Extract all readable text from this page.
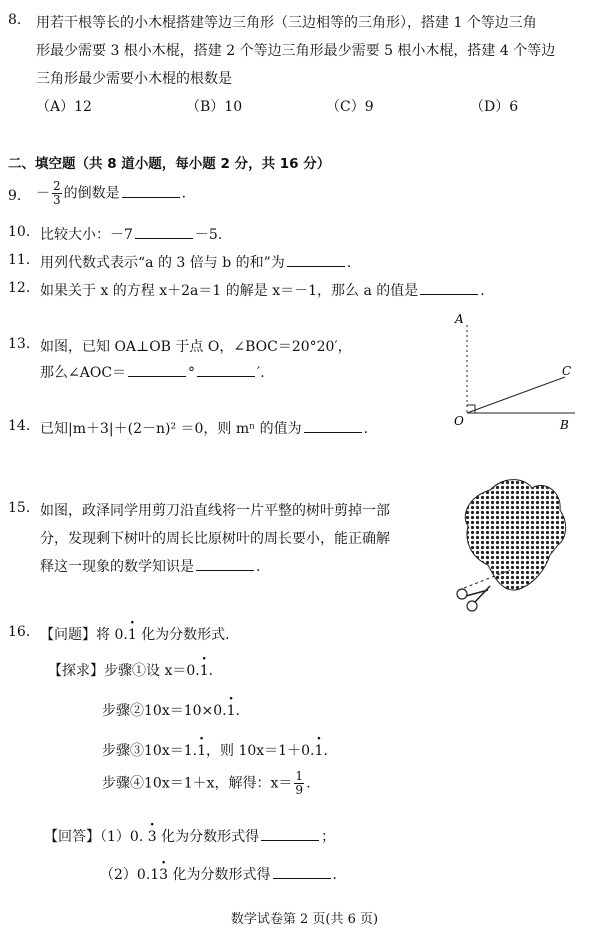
8. 用若干根等长的小木棍搭建等边三角形（三边相等的三角形），搭建 1 个等边三角
形最少需要 3 根小木棍，搭建 2 个等边三角形最少需要 5 根小木棍，搭建 4 个等边
三角形最少需要小木棍的根数是
（A）12	（B）10	（C）9	（D）6
二、填空题（共 8 道小题，每小题 2 分，共 16 分）
9. － $\frac{2}{3}$ 的倒数是	.
10. 比较大小：－7	－5.
11. 用列代数式表示“a 的 3 倍与 b 的和”为	.
12. 如果关于 x 的方程 x＋2a＝1 的解是 x＝－1，那么 a 的值是	.
13. 如图，已知 OA⊥OB 于点 O，∠BOC＝20°20′，
那么∠AOC＝	°	′.
A
C
O	B
14. 已知|m＋3|＋(2－n)² ＝0，则 mⁿ 的值为	.
15. 如图，政泽同学用剪刀沿直线将一片平整的树叶剪掉一部
分，发现剩下树叶的周长比原树叶的周长要小，能正确解
释这一现象的数学知识是	.
16. 【问题】将 0.1 · 化为分数形式.
【探求】步骤①设 x＝0.1 ·.
步骤②10x＝10×0.1 ·.
步骤③10x＝1.1 ·，则 10x＝1＋0.1 ·.
步骤④10x＝1＋x，解得：$x= \frac{1}{9}$ .
【回答】（1）0. 3 · 化为分数形式得	；
（2）0.13 · 化为分数形式得	.
数学试卷第 2 页(共 6 页)
